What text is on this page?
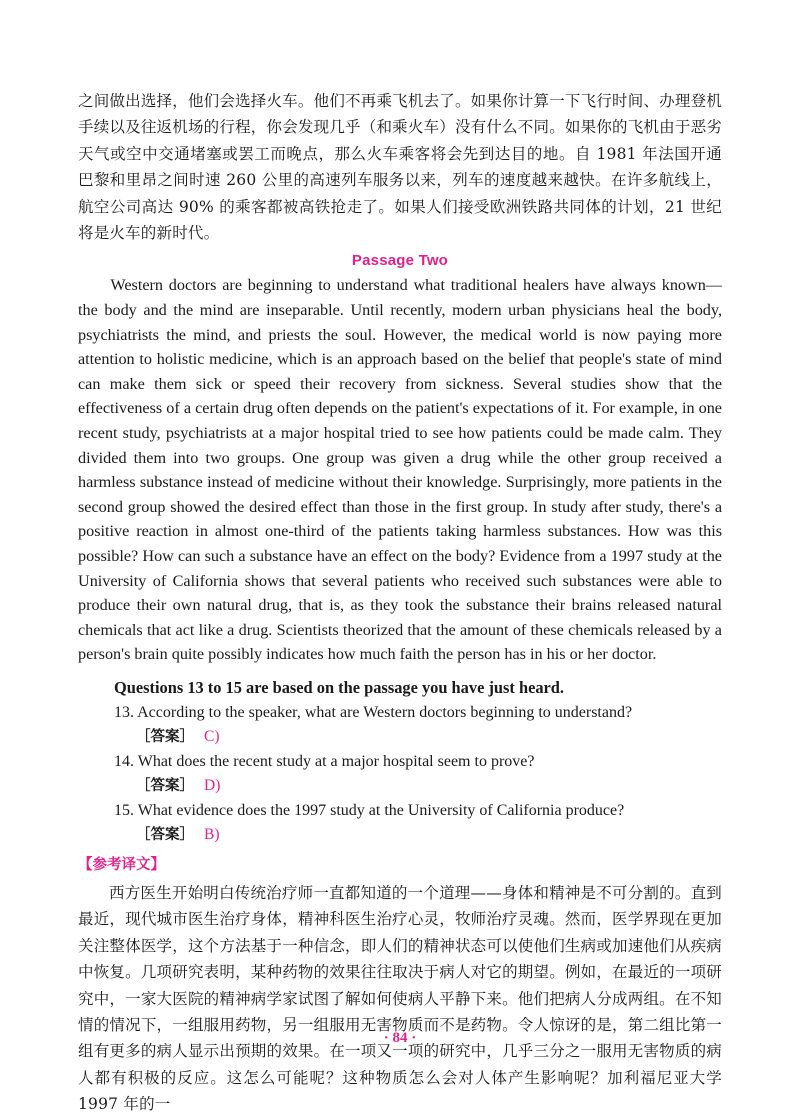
之间做出选择，他们会选择火车。他们不再乘飞机去了。如果你计算一下飞行时间、办理登机手续以及往返机场的行程，你会发现几乎（和乘火车）没有什么不同。如果你的飞机由于恶劣天气或空中交通堵塞或罢工而晚点，那么火车乘客将会先到达目的地。自 1981 年法国开通巴黎和里昂之间时速 260 公里的高速列车服务以来，列车的速度越来越快。在许多航线上，航空公司高达 90% 的乘客都被高铁抢走了。如果人们接受欧洲铁路共同体的计划，21 世纪将是火车的新时代。

Passage Two

Western doctors are beginning to understand what traditional healers have always known—the body and the mind are inseparable. Until recently, modern urban physicians heal the body, psychiatrists the mind, and priests the soul. However, the medical world is now paying more attention to holistic medicine, which is an approach based on the belief that people's state of mind can make them sick or speed their recovery from sickness. Several studies show that the effectiveness of a certain drug often depends on the patient's expectations of it. For example, in one recent study, psychiatrists at a major hospital tried to see how patients could be made calm. They divided them into two groups. One group was given a drug while the other group received a harmless substance instead of medicine without their knowledge. Surprisingly, more patients in the second group showed the desired effect than those in the first group. In study after study, there's a positive reaction in almost one-third of the patients taking harmless substances. How was this possible? How can such a substance have an effect on the body? Evidence from a 1997 study at the University of California shows that several patients who received such substances were able to produce their own natural drug, that is, as they took the substance their brains released natural chemicals that act like a drug. Scientists theorized that the amount of these chemicals released by a person's brain quite possibly indicates how much faith the person has in his or her doctor.

Questions 13 to 15 are based on the passage you have just heard.
13. According to the speaker, what are Western doctors beginning to understand?
［答案］ C)
14. What does the recent study at a major hospital seem to prove?
［答案］ D)
15. What evidence does the 1997 study at the University of California produce?
［答案］ B)
【参考译文】

西方医生开始明白传统治疗师一直都知道的一个道理——身体和精神是不可分割的。直到最近，现代城市医生治疗身体，精神科医生治疗心灵，牧师治疗灵魂。然而，医学界现在更加关注整体医学，这个方法基于一种信念，即人们的精神状态可以使他们生病或加速他们从疾病中恢复。几项研究表明，某种药物的效果往往取决于病人对它的期望。例如，在最近的一项研究中，一家大医院的精神病学家试图了解如何使病人平静下来。他们把病人分成两组。在不知情的情况下，一组服用药物，另一组服用无害物质而不是药物。令人惊讶的是，第二组比第一组有更多的病人显示出预期的效果。在一项又一项的研究中，几乎三分之一服用无害物质的病人都有积极的反应。这怎么可能呢？这种物质怎么会对人体产生影响呢？加利福尼亚大学 1997 年的一

· 84 ·
